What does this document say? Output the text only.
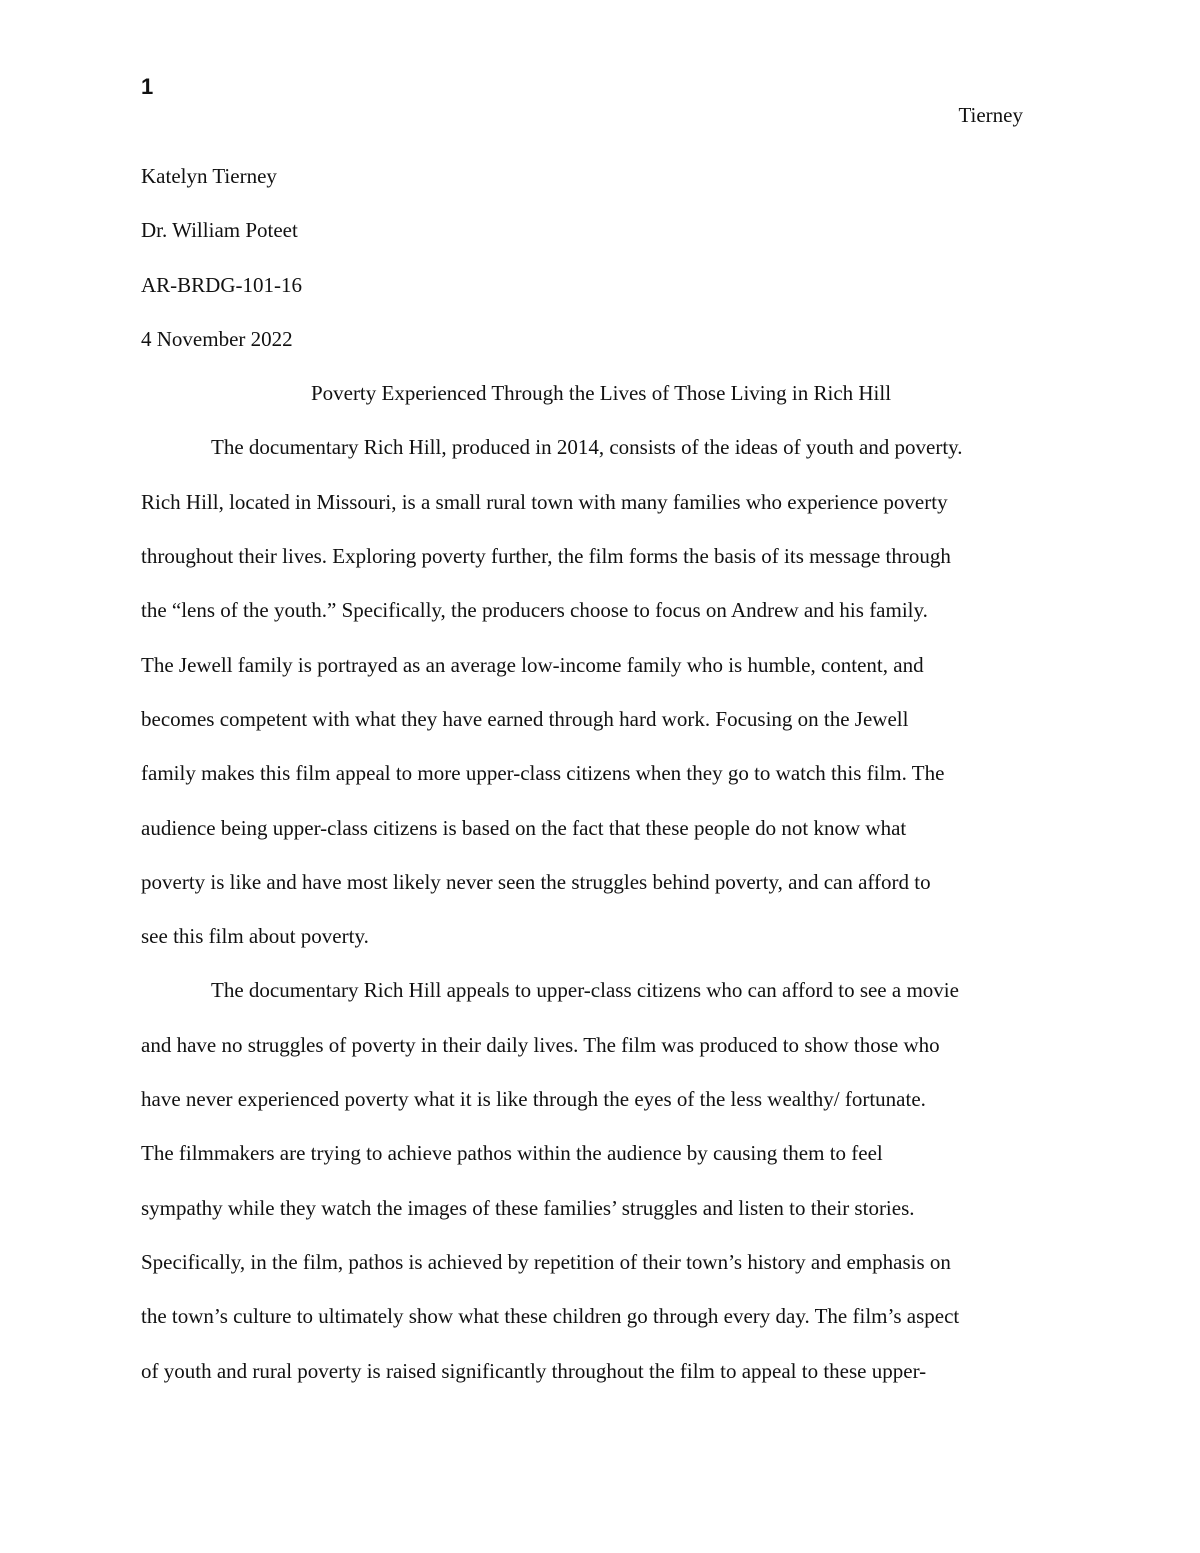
1
Tierney
Katelyn Tierney
Dr. William Poteet
AR-BRDG-101-16
4 November 2022
Poverty Experienced Through the Lives of Those Living in Rich Hill
The documentary Rich Hill, produced in 2014, consists of the ideas of youth and poverty.
Rich Hill, located in Missouri, is a small rural town with many families who experience poverty
throughout their lives. Exploring poverty further, the film forms the basis of its message through
the “lens of the youth.” Specifically, the producers choose to focus on Andrew and his family.
The Jewell family is portrayed as an average low-income family who is humble, content, and
becomes competent with what they have earned through hard work. Focusing on the Jewell
family makes this film appeal to more upper-class citizens when they go to watch this film. The
audience being upper-class citizens is based on the fact that these people do not know what
poverty is like and have most likely never seen the struggles behind poverty, and can afford to
see this film about poverty.
The documentary Rich Hill appeals to upper-class citizens who can afford to see a movie
and have no struggles of poverty in their daily lives. The film was produced to show those who
have never experienced poverty what it is like through the eyes of the less wealthy/ fortunate.
The filmmakers are trying to achieve pathos within the audience by causing them to feel
sympathy while they watch the images of these families’ struggles and listen to their stories.
Specifically, in the film, pathos is achieved by repetition of their town’s history and emphasis on
the town’s culture to ultimately show what these children go through every day. The film’s aspect
of youth and rural poverty is raised significantly throughout the film to appeal to these upper-
